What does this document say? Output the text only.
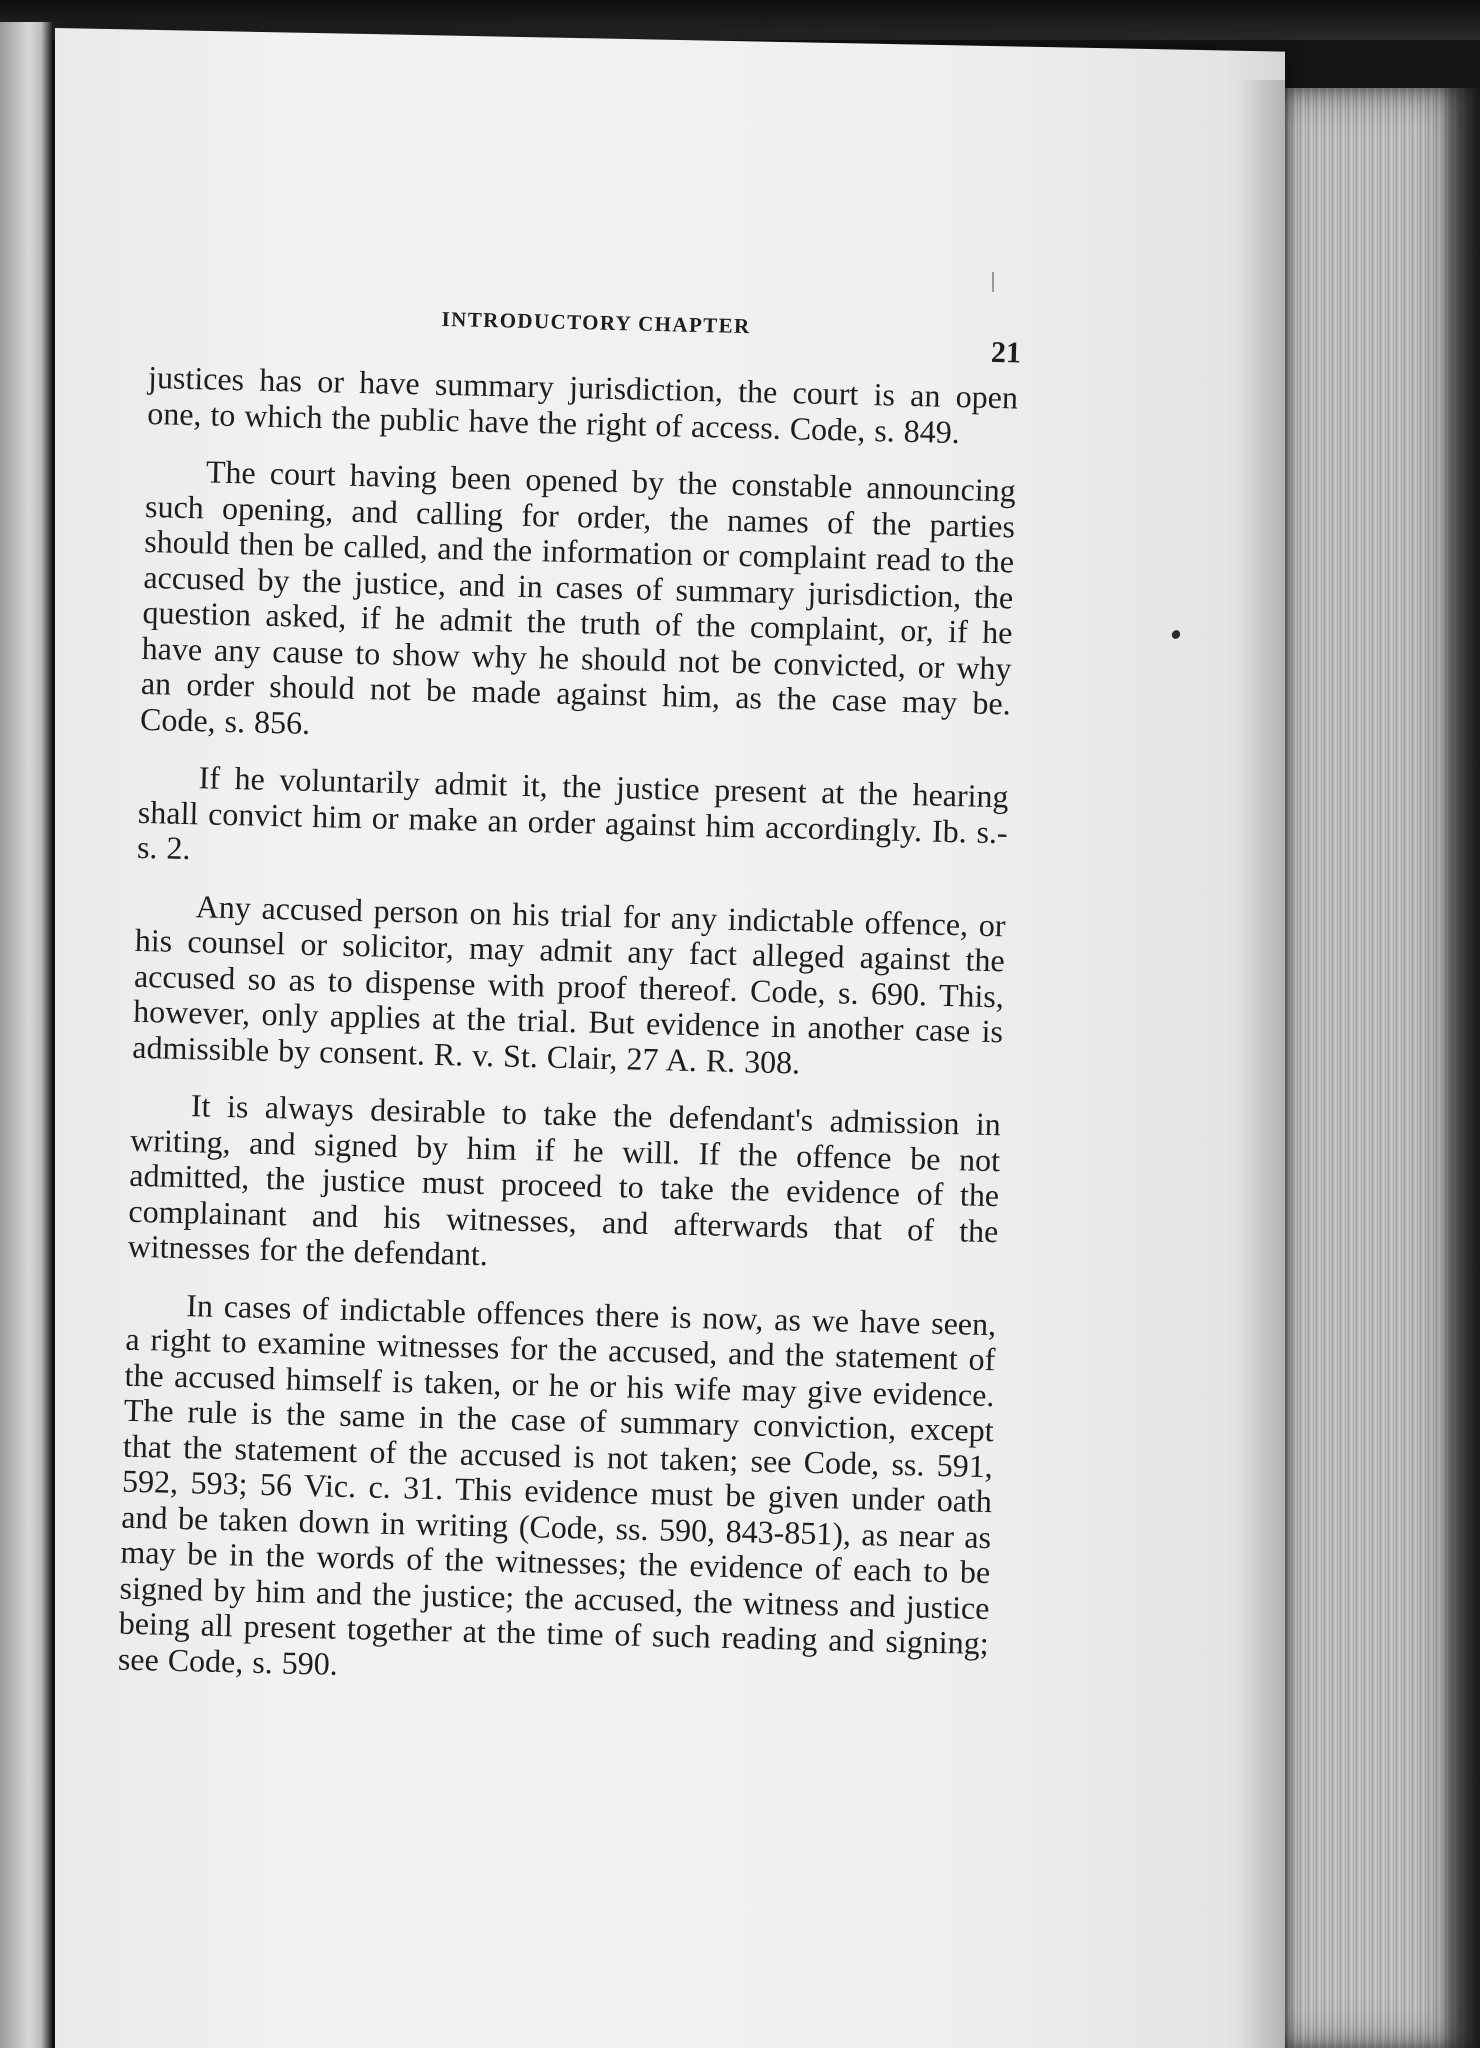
INTRODUCTORY CHAPTER
21

justices has or have summary jurisdiction, the court is an open one, to which the public have the right of access. Code, s. 849.

The court having been opened by the constable announcing such opening, and calling for order, the names of the parties should then be called, and the information or complaint read to the accused by the justice, and in cases of summary jurisdiction, the question asked, if he admit the truth of the complaint, or, if he have any cause to show why he should not be convicted, or why an order should not be made against him, as the case may be. Code, s. 856.

If he voluntarily admit it, the justice present at the hearing shall convict him or make an order against him accordingly. Ib. s.-s. 2.

Any accused person on his trial for any indictable offence, or his counsel or solicitor, may admit any fact alleged against the accused so as to dispense with proof thereof. Code, s. 690. This, however, only applies at the trial. But evidence in another case is admissible by consent. R. v. St. Clair, 27 A. R. 308.

It is always desirable to take the defendant's admission in writing, and signed by him if he will. If the offence be not admitted, the justice must proceed to take the evidence of the complainant and his witnesses, and afterwards that of the witnesses for the defendant.

In cases of indictable offences there is now, as we have seen, a right to examine witnesses for the accused, and the statement of the accused himself is taken, or he or his wife may give evidence. The rule is the same in the case of summary conviction, except that the statement of the accused is not taken; see Code, ss. 591, 592, 593; 56 Vic. c. 31. This evidence must be given under oath and be taken down in writing (Code, ss. 590, 843-851), as near as may be in the words of the witnesses; the evidence of each to be signed by him and the justice; the accused, the witness and justice being all present together at the time of such reading and signing; see Code, s. 590.
